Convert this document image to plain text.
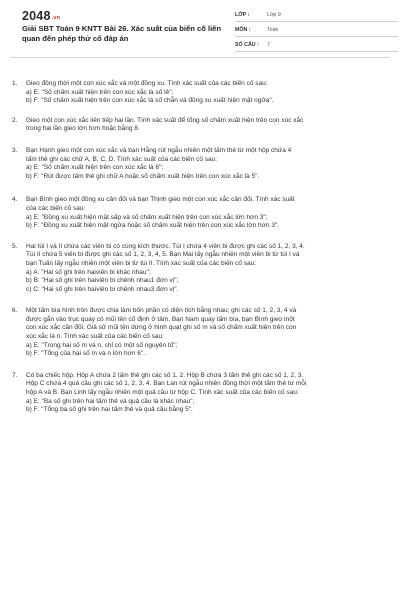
2048.vn
Giải SBT Toán 9 KNTT Bài 26. Xác suất của biến cố liên
quan đến phép thử cổ đáp án
LỚP :	Lớp 9
MÔN :	Toán
SỐ CÂU :	7
1.	Gieo đồng thời một con xúc xắc và một đồng xu. Tính xác suất của các biến cố sau:
a) E: "Số chấm xuất hiện trên con xúc xắc là số lẻ";
b) F: "Số chấm xuất hiện trên con xúc xắc là số chẵn và đồng xu xuất hiện mặt ngửa".
2.	Gieo một con xúc xắc liên tiếp hai lần. Tính xác suất để tổng số chấm xuất hiện trên con xúc xắc
trong hai lần gieo lớn hơn hoặc bằng 8.
3.	Bạn Hạnh gieo một con xúc xắc và bạn Hằng rút ngẫu nhiên một tấm thẻ từ một hộp chứa 4
tấm thẻ ghi các chữ A, B, C, D. Tính xác suất của các biến cố sau:
a) E: "Số chấm xuất hiện trên con xúc xắc là 6";
b) F: "Rút được tấm thẻ ghi chữ A hoặc số chấm xuất hiện trên con xúc xắc là 5".
4.	Bạn Bình gieo một đồng xu cân đối và bạn Thịnh gieo một con xúc xắc cân đối. Tính xác suất
của các biến cố sau:
a) E: "Đồng xu xuất hiện mặt sấp và số chấm xuất hiện trên con xúc xắc lớn hơn 3";
b) F: "Đồng xu xuất hiện mặt ngửa hoặc số chấm xuất hiện trên con xúc xắc lớn hơn 3".
5.	Hai túi I và II chứa các viên bi có cùng kích thước. Túi I chứa 4 viên bi được ghi các số 1, 2, 3, 4.
Túi II chứa 5 viên bi được ghi các số 1, 2, 3, 4, 5. Bạn Mai lấy ngẫu nhiên một viên bi từ túi I và
bạn Tuấn lấy ngẫu nhiên một viên bi từ túi II. Tính xác suất của các biến cố sau:
a) A: "Hai số ghi trên haiviên bi khác nhau";
b) B: "Hai số ghi trên haiviên bi chênh nhau1 đơn vị";
c) C: "Hai số ghi trên haiviên bi chênh nhau3 đơn vị".
6.	Một tấm bìa hình tròn được chia làm bốn phần có diện tích bằng nhau; ghi các số 1, 2, 3, 4 và
được gắn vào trục quay có mũi tên cố định ở tâm. Bạn Nam quay tấm bìa, bạn Bình gieo một
con xúc xắc cân đối. Giả sử mũi tên dừng ở hình quạt ghi số m và số chấm xuất hiện trên con
xúc xắc là n. Tính xác suất của các biến cố sau:
a) E: "Trong hai số m và n, chỉ có một số nguyên tố";
b) F: "Tổng của hai số m và n lớn hơn 6".
7.	Có ba chiếc hộp. Hộp A chứa 2 tấm thẻ ghi các số 1, 2. Hộp B chứa 3 tấm thẻ ghi các số 1, 2, 3.
Hộp C chứa 4 quả cầu ghi các số 1, 2, 3, 4. Bạn Lan rút ngẫu nhiên đồng thời một tấm thẻ từ mỗi
hộp A và B. Bạn Linh lấy ngẫu nhiên một quả cầu từ hộp C. Tính xác suất của các biến cố sau:
a) E: "Ba số ghi trên hai tấm thẻ và quả cầu là khác nhau";
b) F: "Tổng ba số ghi trên hai tấm thẻ và quả cầu bằng 5".
